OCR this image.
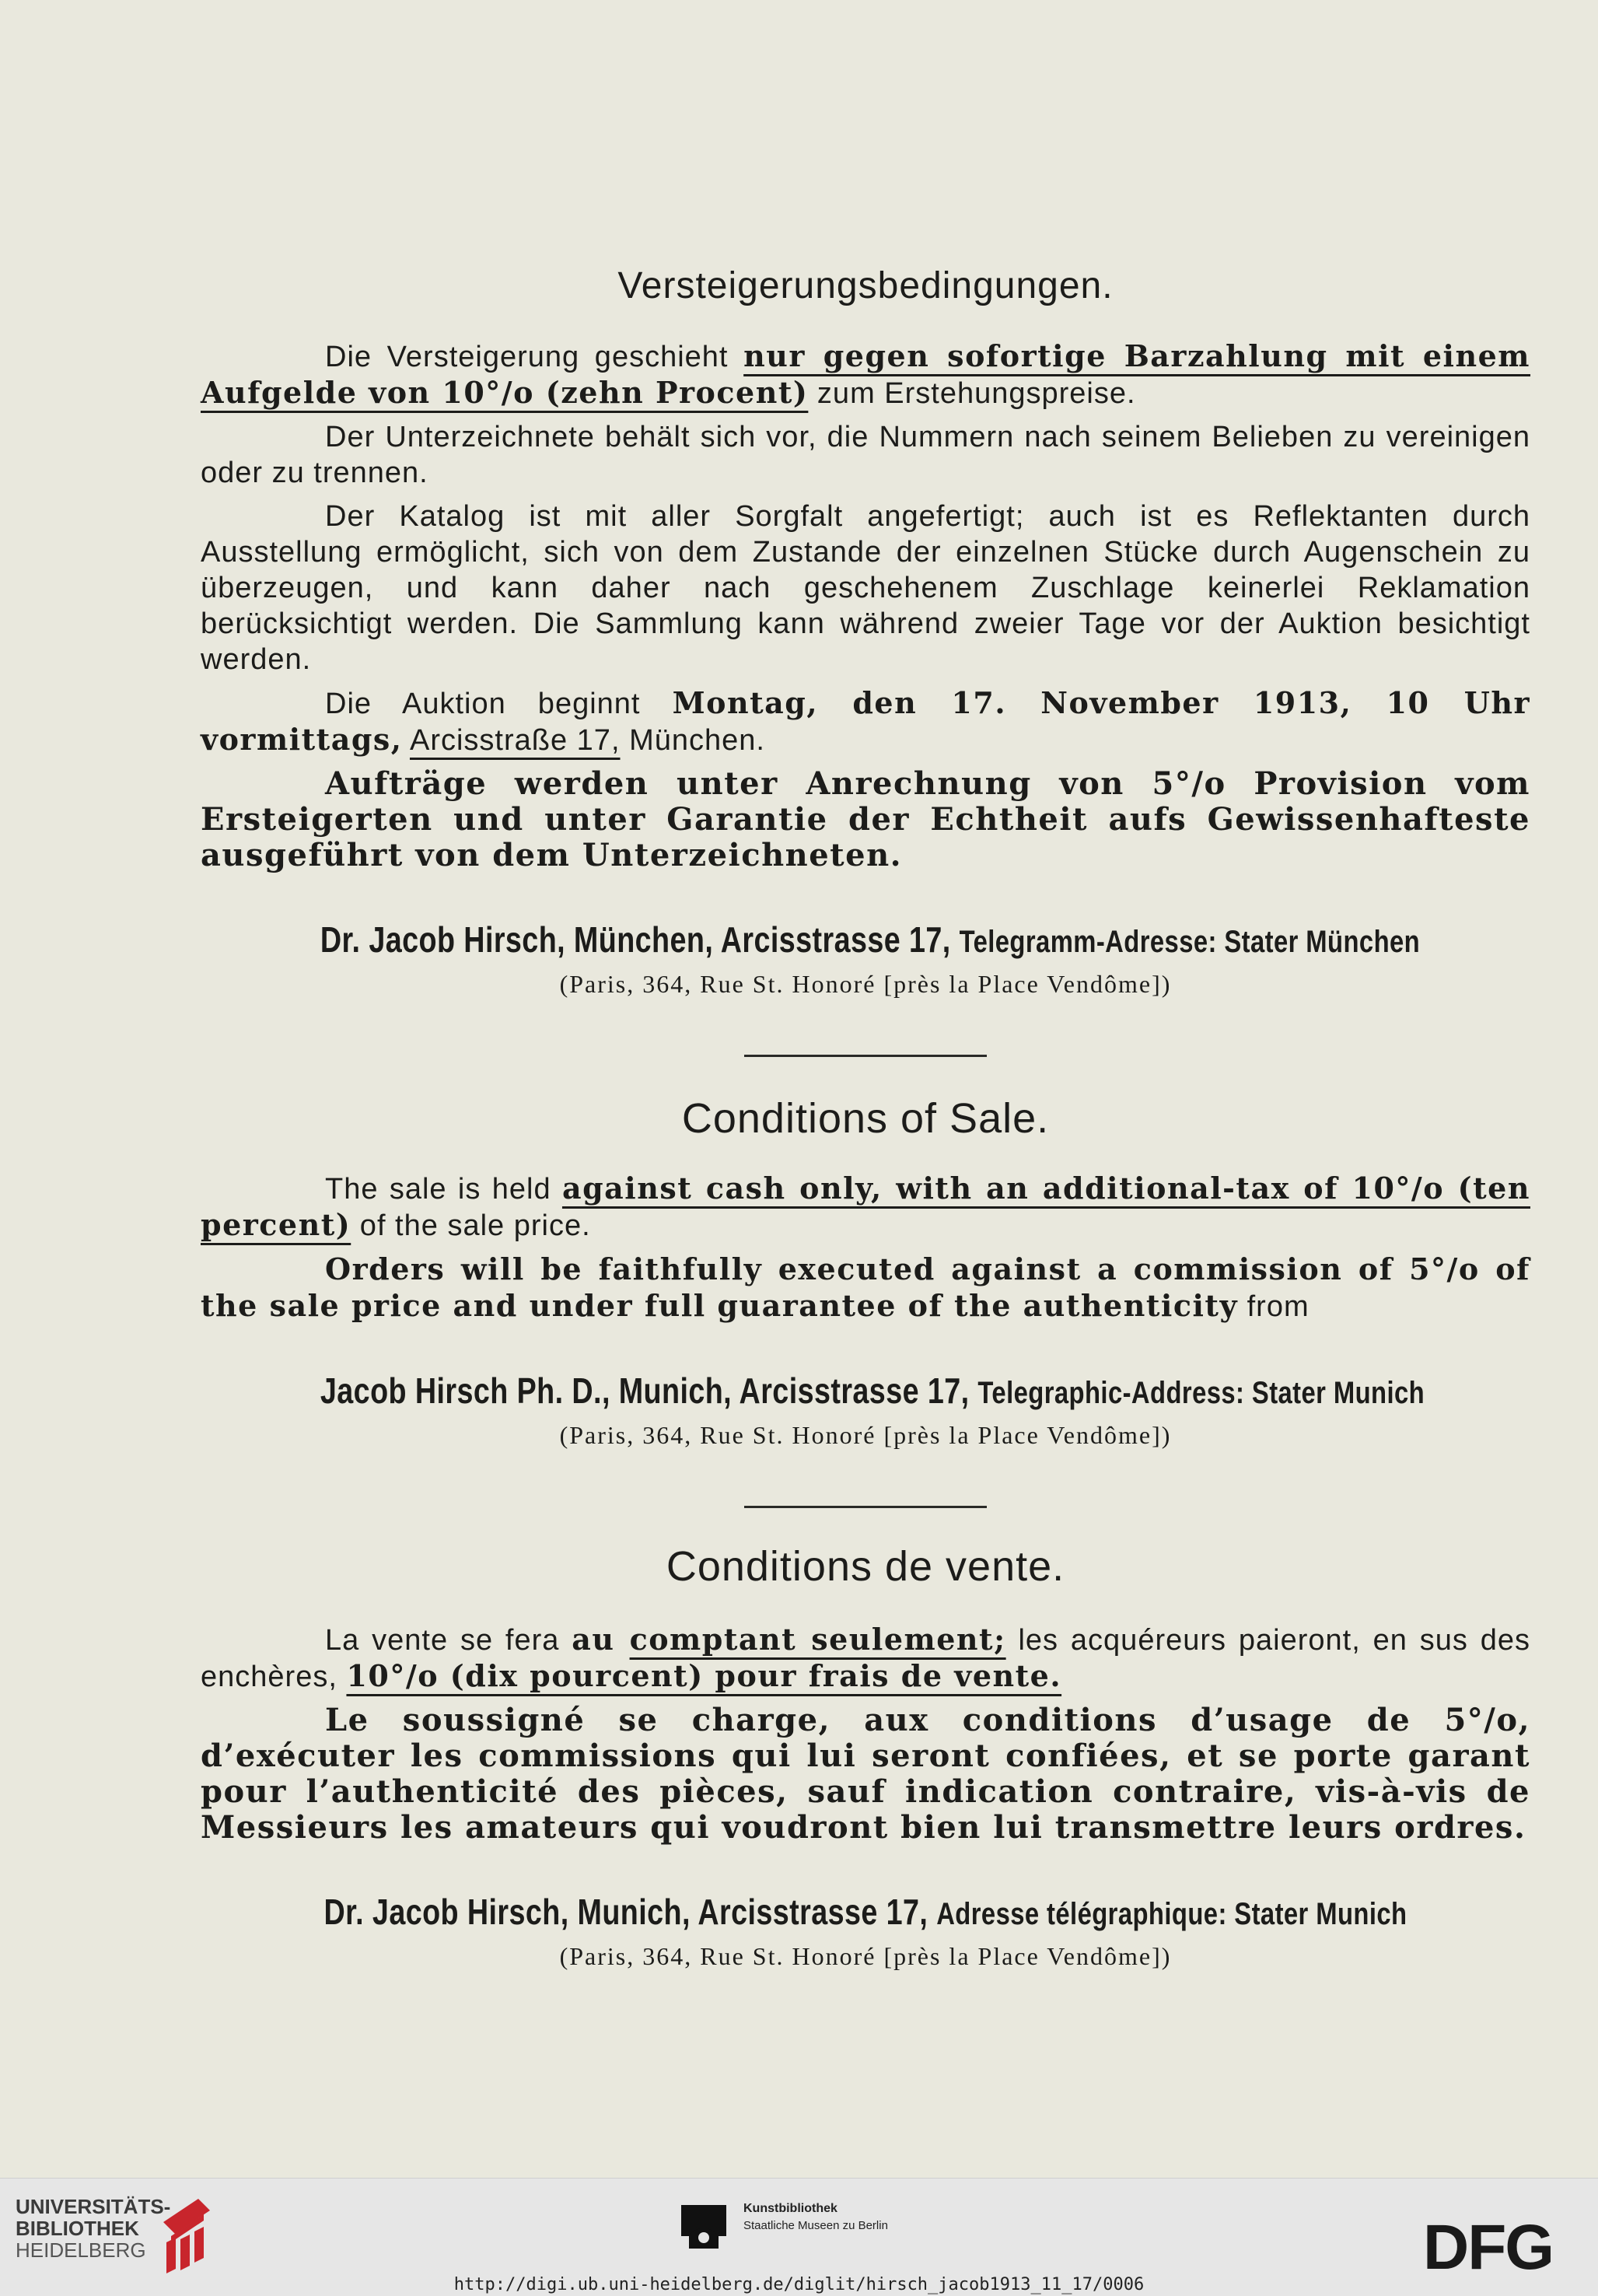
Versteigerungsbedingungen.

Die Versteigerung geschieht nur gegen sofortige Barzahlung mit einem Aufgelde von 10°/o (zehn Procent) zum Erstehungspreise.

Der Unterzeichnete behält sich vor, die Nummern nach seinem Belieben zu vereinigen oder zu trennen.

Der Katalog ist mit aller Sorgfalt angefertigt; auch ist es Reflektanten durch Ausstellung ermöglicht, sich von dem Zustande der einzelnen Stücke durch Augenschein zu überzeugen, und kann daher nach geschehenem Zuschlage keinerlei Reklamation berücksichtigt werden. Die Sammlung kann während zweier Tage vor der Auktion besichtigt werden.

Die Auktion beginnt Montag, den 17. November 1913, 10 Uhr vormittags, Arcisstraße 17, München.

Aufträge werden unter Anrechnung von 5°/o Provision vom Ersteigerten und unter Garantie der Echtheit aufs Gewissenhafteste ausgeführt von dem Unterzeichneten.

Dr. Jacob Hirsch, München, Arcisstrasse 17, Telegramm-Adresse: Stater München

(Paris, 364, Rue St. Honoré [près la Place Vendôme])

Conditions of Sale.

The sale is held against cash only, with an additional-tax of 10°/o (ten percent) of the sale price.

Orders will be faithfully executed against a commission of 5°/o of the sale price and under full guarantee of the authenticity from

Jacob Hirsch Ph. D., Munich, Arcisstrasse 17, Telegraphic-Address: Stater Munich

(Paris, 364, Rue St. Honoré [près la Place Vendôme])

Conditions de vente.

La vente se fera au comptant seulement; les acquéreurs paieront, en sus des enchères, 10°/o (dix pourcent) pour frais de vente.

Le soussigné se charge, aux conditions d’usage de 5°/o, d’exécuter les commissions qui lui seront confiées, et se porte garant pour l’authenticité des pièces, sauf indication contraire, vis-à-vis de Messieurs les amateurs qui voudront bien lui transmettre leurs ordres.

Dr. Jacob Hirsch, Munich, Arcisstrasse 17, Adresse télégraphique: Stater Munich

(Paris, 364, Rue St. Honoré [près la Place Vendôme])

UNIVERSITÄTS-
BIBLIOTHEK
HEIDELBERG
Kunstbibliothek
Staatliche Museen zu Berlin	DFG
http://digi.ub.uni-heidelberg.de/diglit/hirsch_jacob1913_11_17/0006
